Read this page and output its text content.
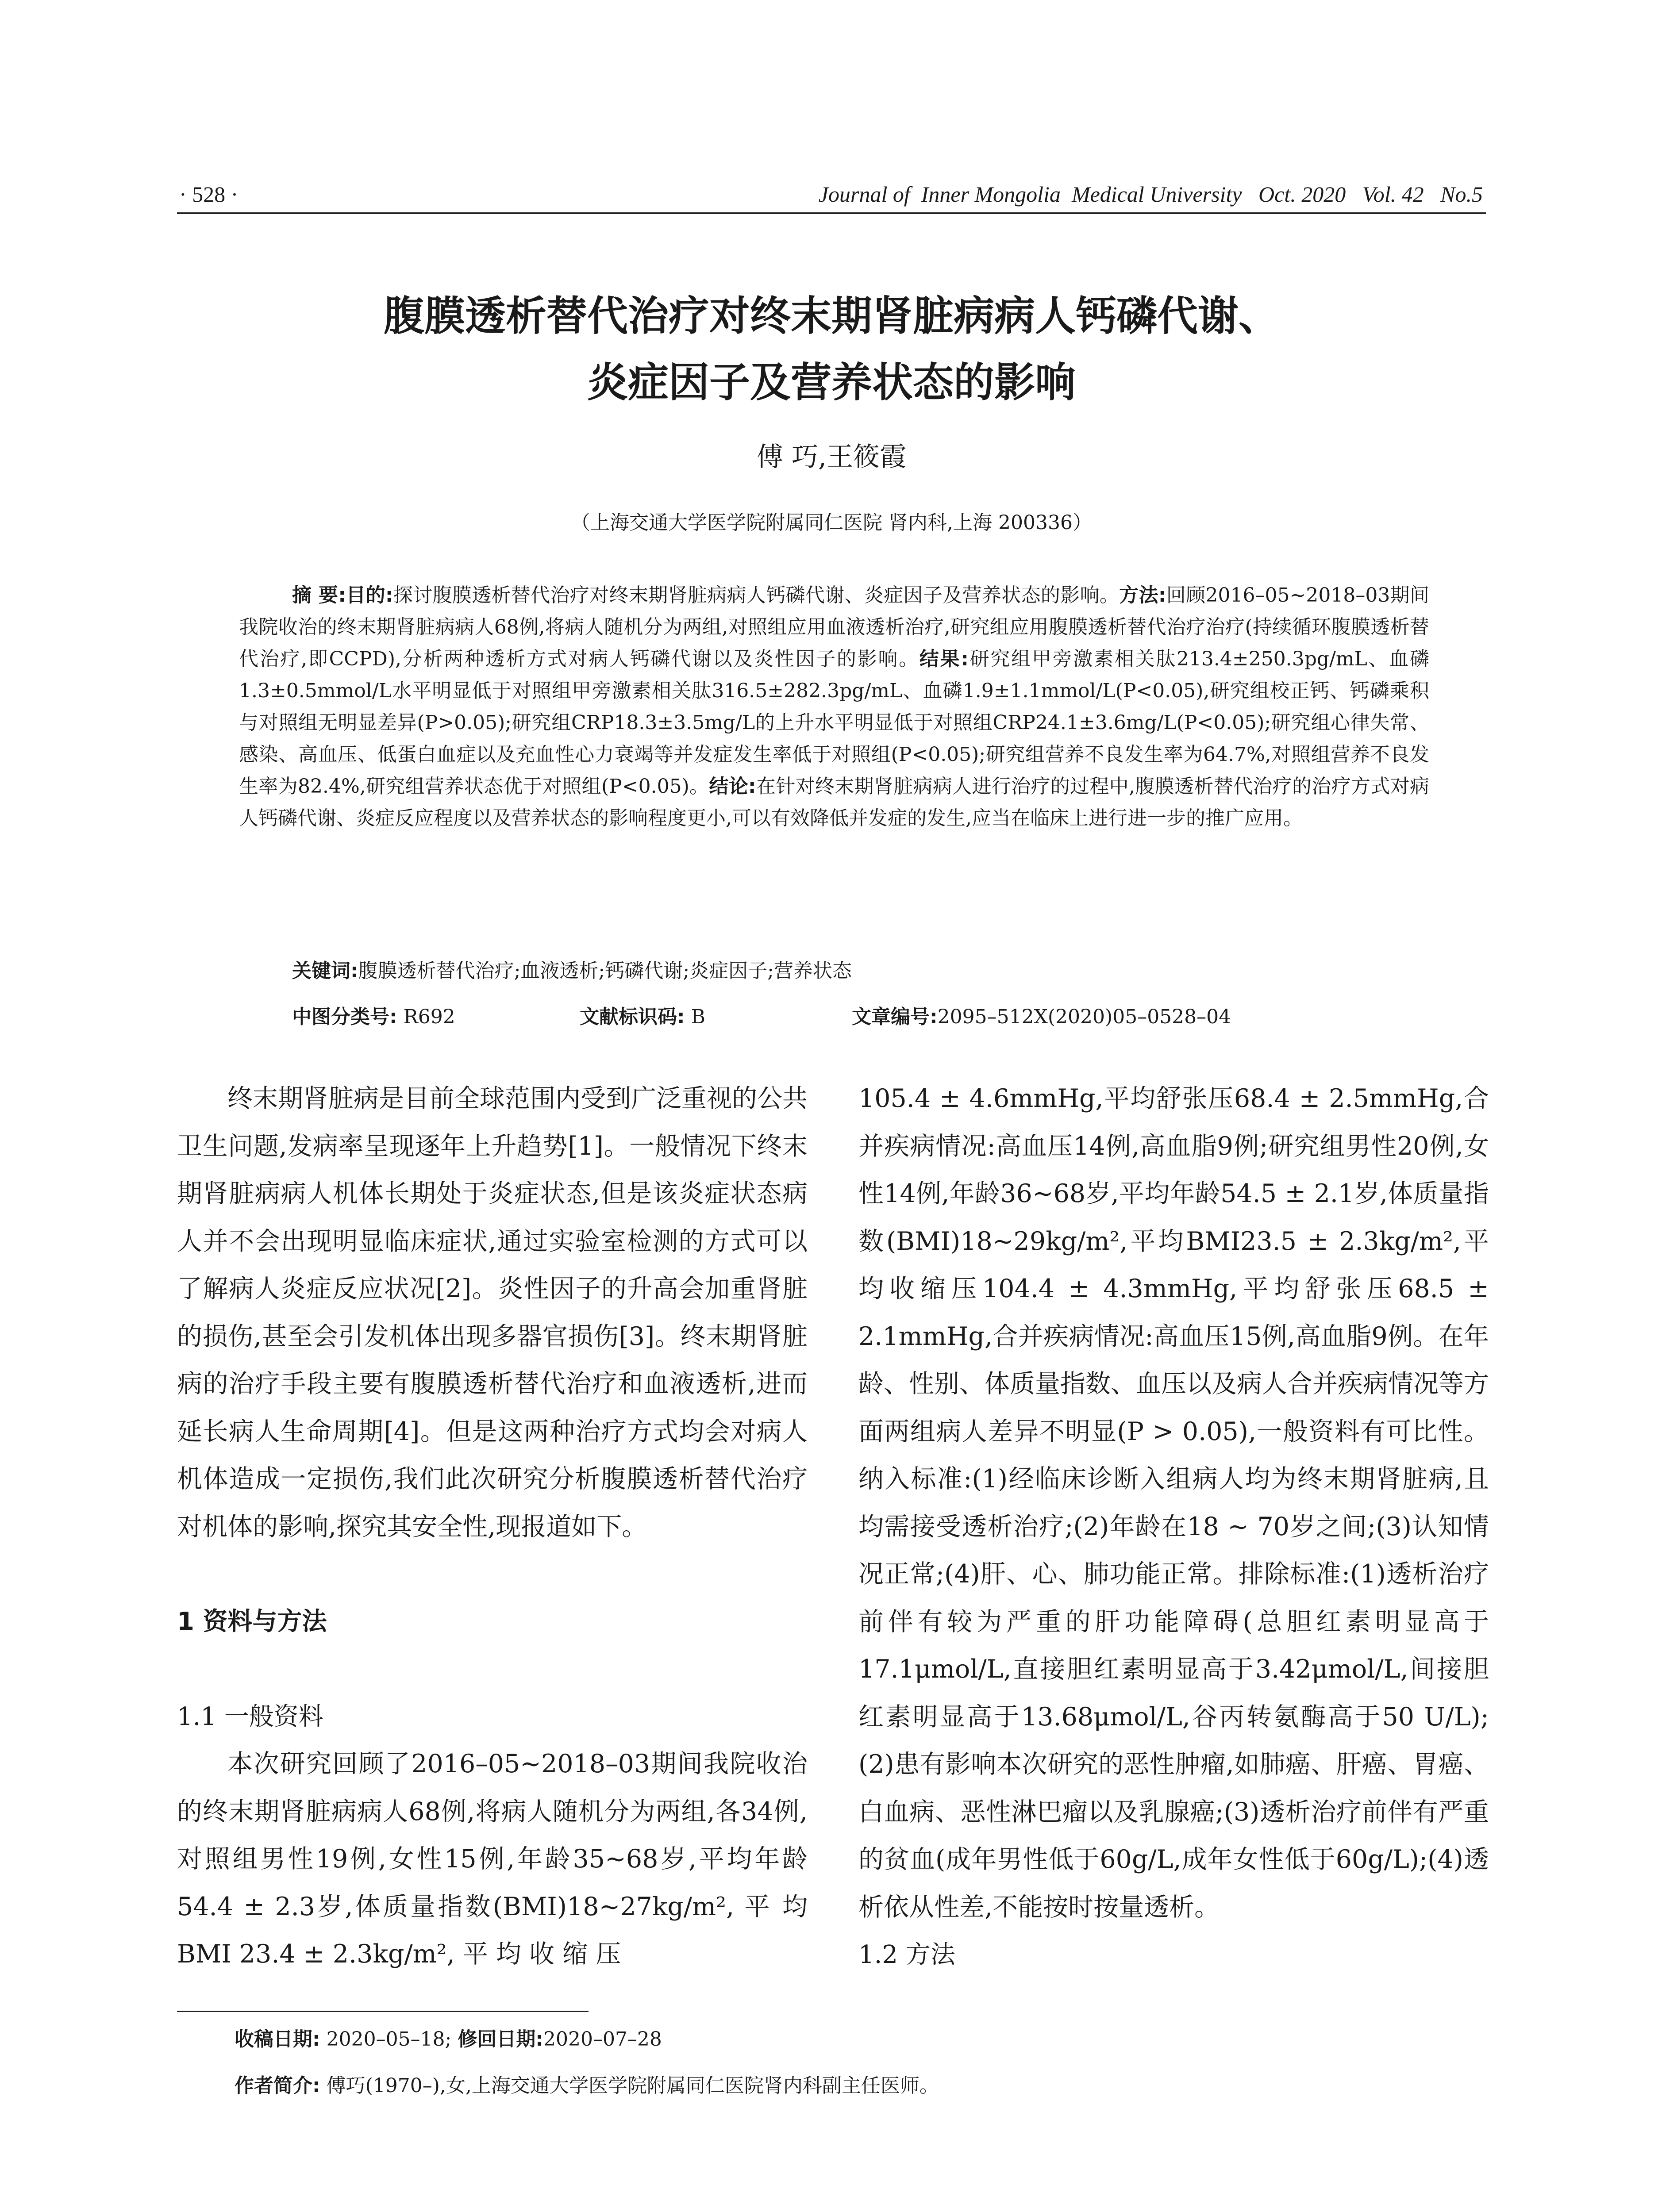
· 528 ·	Journal of  Inner Mongolia  Medical University   Oct. 2020   Vol. 42   No.5
腹膜透析替代治疗对终末期肾脏病病人钙磷代谢、
炎症因子及营养状态的影响
傅 巧,王筱霞
（上海交通大学医学院附属同仁医院 肾内科,上海 200336）

摘 要:目的:探讨腹膜透析替代治疗对终末期肾脏病病人钙磷代谢、炎症因子及营养状态的影响。方法:回顾2016–05~2018–03期间我院收治的终末期肾脏病病人68例,将病人随机分为两组,对照组应用血液透析治疗,研究组应用腹膜透析替代治疗治疗(持续循环腹膜透析替代治疗,即CCPD),分析两种透析方式对病人钙磷代谢以及炎性因子的影响。结果:研究组甲旁激素相关肽213.4±250.3pg/mL、血磷1.3±0.5mmol/L水平明显低于对照组甲旁激素相关肽316.5±282.3pg/mL、血磷1.9±1.1mmol/L(P<0.05),研究组校正钙、钙磷乘积与对照组无明显差异(P>0.05);研究组CRP18.3±3.5mg/L的上升水平明显低于对照组CRP24.1±3.6mg/L(P<0.05);研究组心律失常、感染、高血压、低蛋白血症以及充血性心力衰竭等并发症发生率低于对照组(P<0.05);研究组营养不良发生率为64.7%,对照组营养不良发生率为82.4%,研究组营养状态优于对照组(P<0.05)。结论:在针对终末期肾脏病病人进行治疗的过程中,腹膜透析替代治疗的治疗方式对病人钙磷代谢、炎症反应程度以及营养状态的影响程度更小,可以有效降低并发症的发生,应当在临床上进行进一步的推广应用。

关键词:腹膜透析替代治疗;血液透析;钙磷代谢;炎症因子;营养状态
中图分类号: R692	文献标识码: B	文章编号:2095–512X(2020)05–0528–04

终末期肾脏病是目前全球范围内受到广泛重视的公共卫生问题,发病率呈现逐年上升趋势[1]。一般情况下终末期肾脏病病人机体长期处于炎症状态,但是该炎症状态病人并不会出现明显临床症状,通过实验室检测的方式可以了解病人炎症反应状况[2]。炎性因子的升高会加重肾脏的损伤,甚至会引发机体出现多器官损伤[3]。终末期肾脏病的治疗手段主要有腹膜透析替代治疗和血液透析,进而延长病人生命周期[4]。但是这两种治疗方式均会对病人机体造成一定损伤,我们此次研究分析腹膜透析替代治疗对机体的影响,探究其安全性,现报道如下。

1 资料与方法
1.1 一般资料

本次研究回顾了2016–05~2018–03期间我院收治的终末期肾脏病病人68例,将病人随机分为两组,各34例,对照组男性19例,女性15例,年龄35~68岁,平均年龄54.4 ± 2.3岁,体质量指数(BMI)18~27kg/m², 平 均 BMI 23.4 ± 2.3kg/m², 平 均 收 缩 压

105.4 ± 4.6mmHg,平均舒张压68.4 ± 2.5mmHg,合并疾病情况:高血压14例,高血脂9例;研究组男性20例,女性14例,年龄36~68岁,平均年龄54.5 ± 2.1岁,体质量指数(BMI)18~29kg/m²,平均BMI23.5 ± 2.3kg/m²,平均收缩压104.4 ± 4.3mmHg,平均舒张压68.5 ± 2.1mmHg,合并疾病情况:高血压15例,高血脂9例。在年龄、性别、体质量指数、血压以及病人合并疾病情况等方面两组病人差异不明显(P > 0.05),一般资料有可比性。纳入标准:(1)经临床诊断入组病人均为终末期肾脏病,且均需接受透析治疗;(2)年龄在18 ~ 70岁之间;(3)认知情况正常;(4)肝、心、肺功能正常。排除标准:(1)透析治疗前伴有较为严重的肝功能障碍(总胆红素明显高于17.1μmol/L,直接胆红素明显高于3.42μmol/L,间接胆红素明显高于13.68μmol/L,谷丙转氨酶高于50 U/L);(2)患有影响本次研究的恶性肿瘤,如肺癌、肝癌、胃癌、白血病、恶性淋巴瘤以及乳腺癌;(3)透析治疗前伴有严重的贫血(成年男性低于60g/L,成年女性低于60g/L);(4)透析依从性差,不能按时按量透析。

1.2 方法
收稿日期: 2020–05–18; 修回日期:2020–07–28
作者简介: 傅巧(1970–),女,上海交通大学医学院附属同仁医院肾内科副主任医师。
